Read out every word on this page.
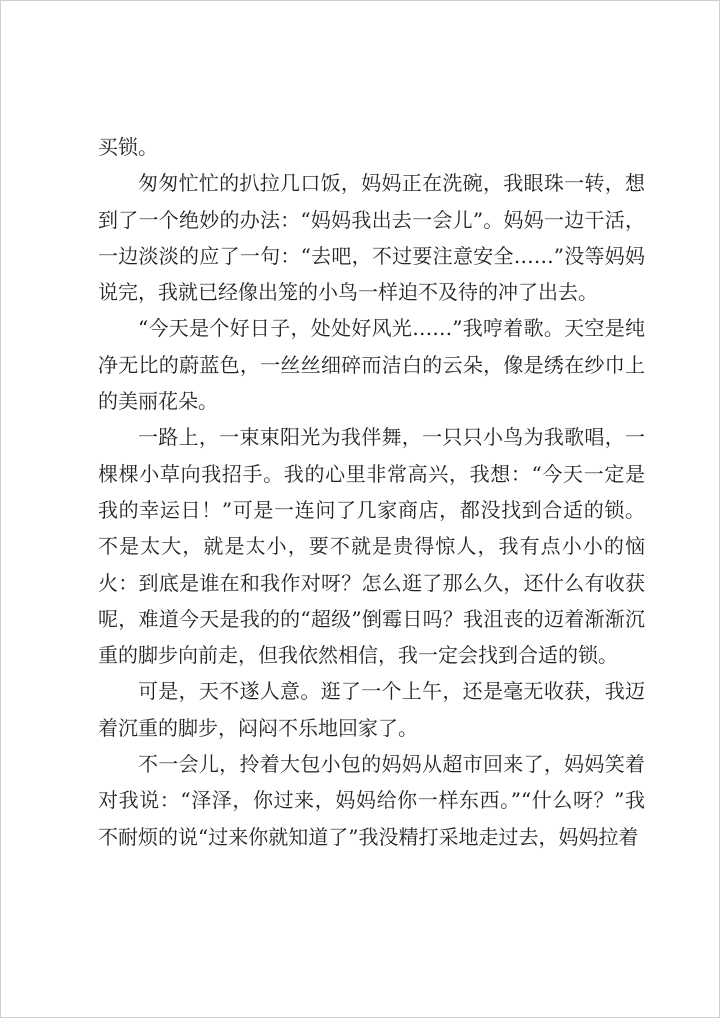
买锁。

匆匆忙忙的扒拉几口饭，妈妈正在洗碗，我眼珠一转，想到了一个绝妙的办法：“妈妈我出去一会儿”。妈妈一边干活，一边淡淡的应了一句：“去吧，不过要注意安全……”没等妈妈说完，我就已经像出笼的小鸟一样迫不及待的冲了出去。

“今天是个好日子，处处好风光……”我哼着歌。天空是纯净无比的蔚蓝色，一丝丝细碎而洁白的云朵，像是绣在纱巾上的美丽花朵。

一路上，一束束阳光为我伴舞，一只只小鸟为我歌唱，一棵棵小草向我招手。我的心里非常高兴，我想：“今天一定是我的幸运日！”可是一连问了几家商店，都没找到合适的锁。不是太大，就是太小，要不就是贵得惊人，我有点小小的恼火：到底是谁在和我作对呀？怎么逛了那么久，还什么有收获呢，难道今天是我的的“超级”倒霉日吗？我沮丧的迈着渐渐沉重的脚步向前走，但我依然相信，我一定会找到合适的锁。

可是，天不遂人意。逛了一个上午，还是毫无收获，我迈着沉重的脚步，闷闷不乐地回家了。

不一会儿，拎着大包小包的妈妈从超市回来了，妈妈笑着对我说：“泽泽，你过来，妈妈给你一样东西。”“什么呀？”我不耐烦的说“过来你就知道了”我没精打采地走过去，妈妈拉着
